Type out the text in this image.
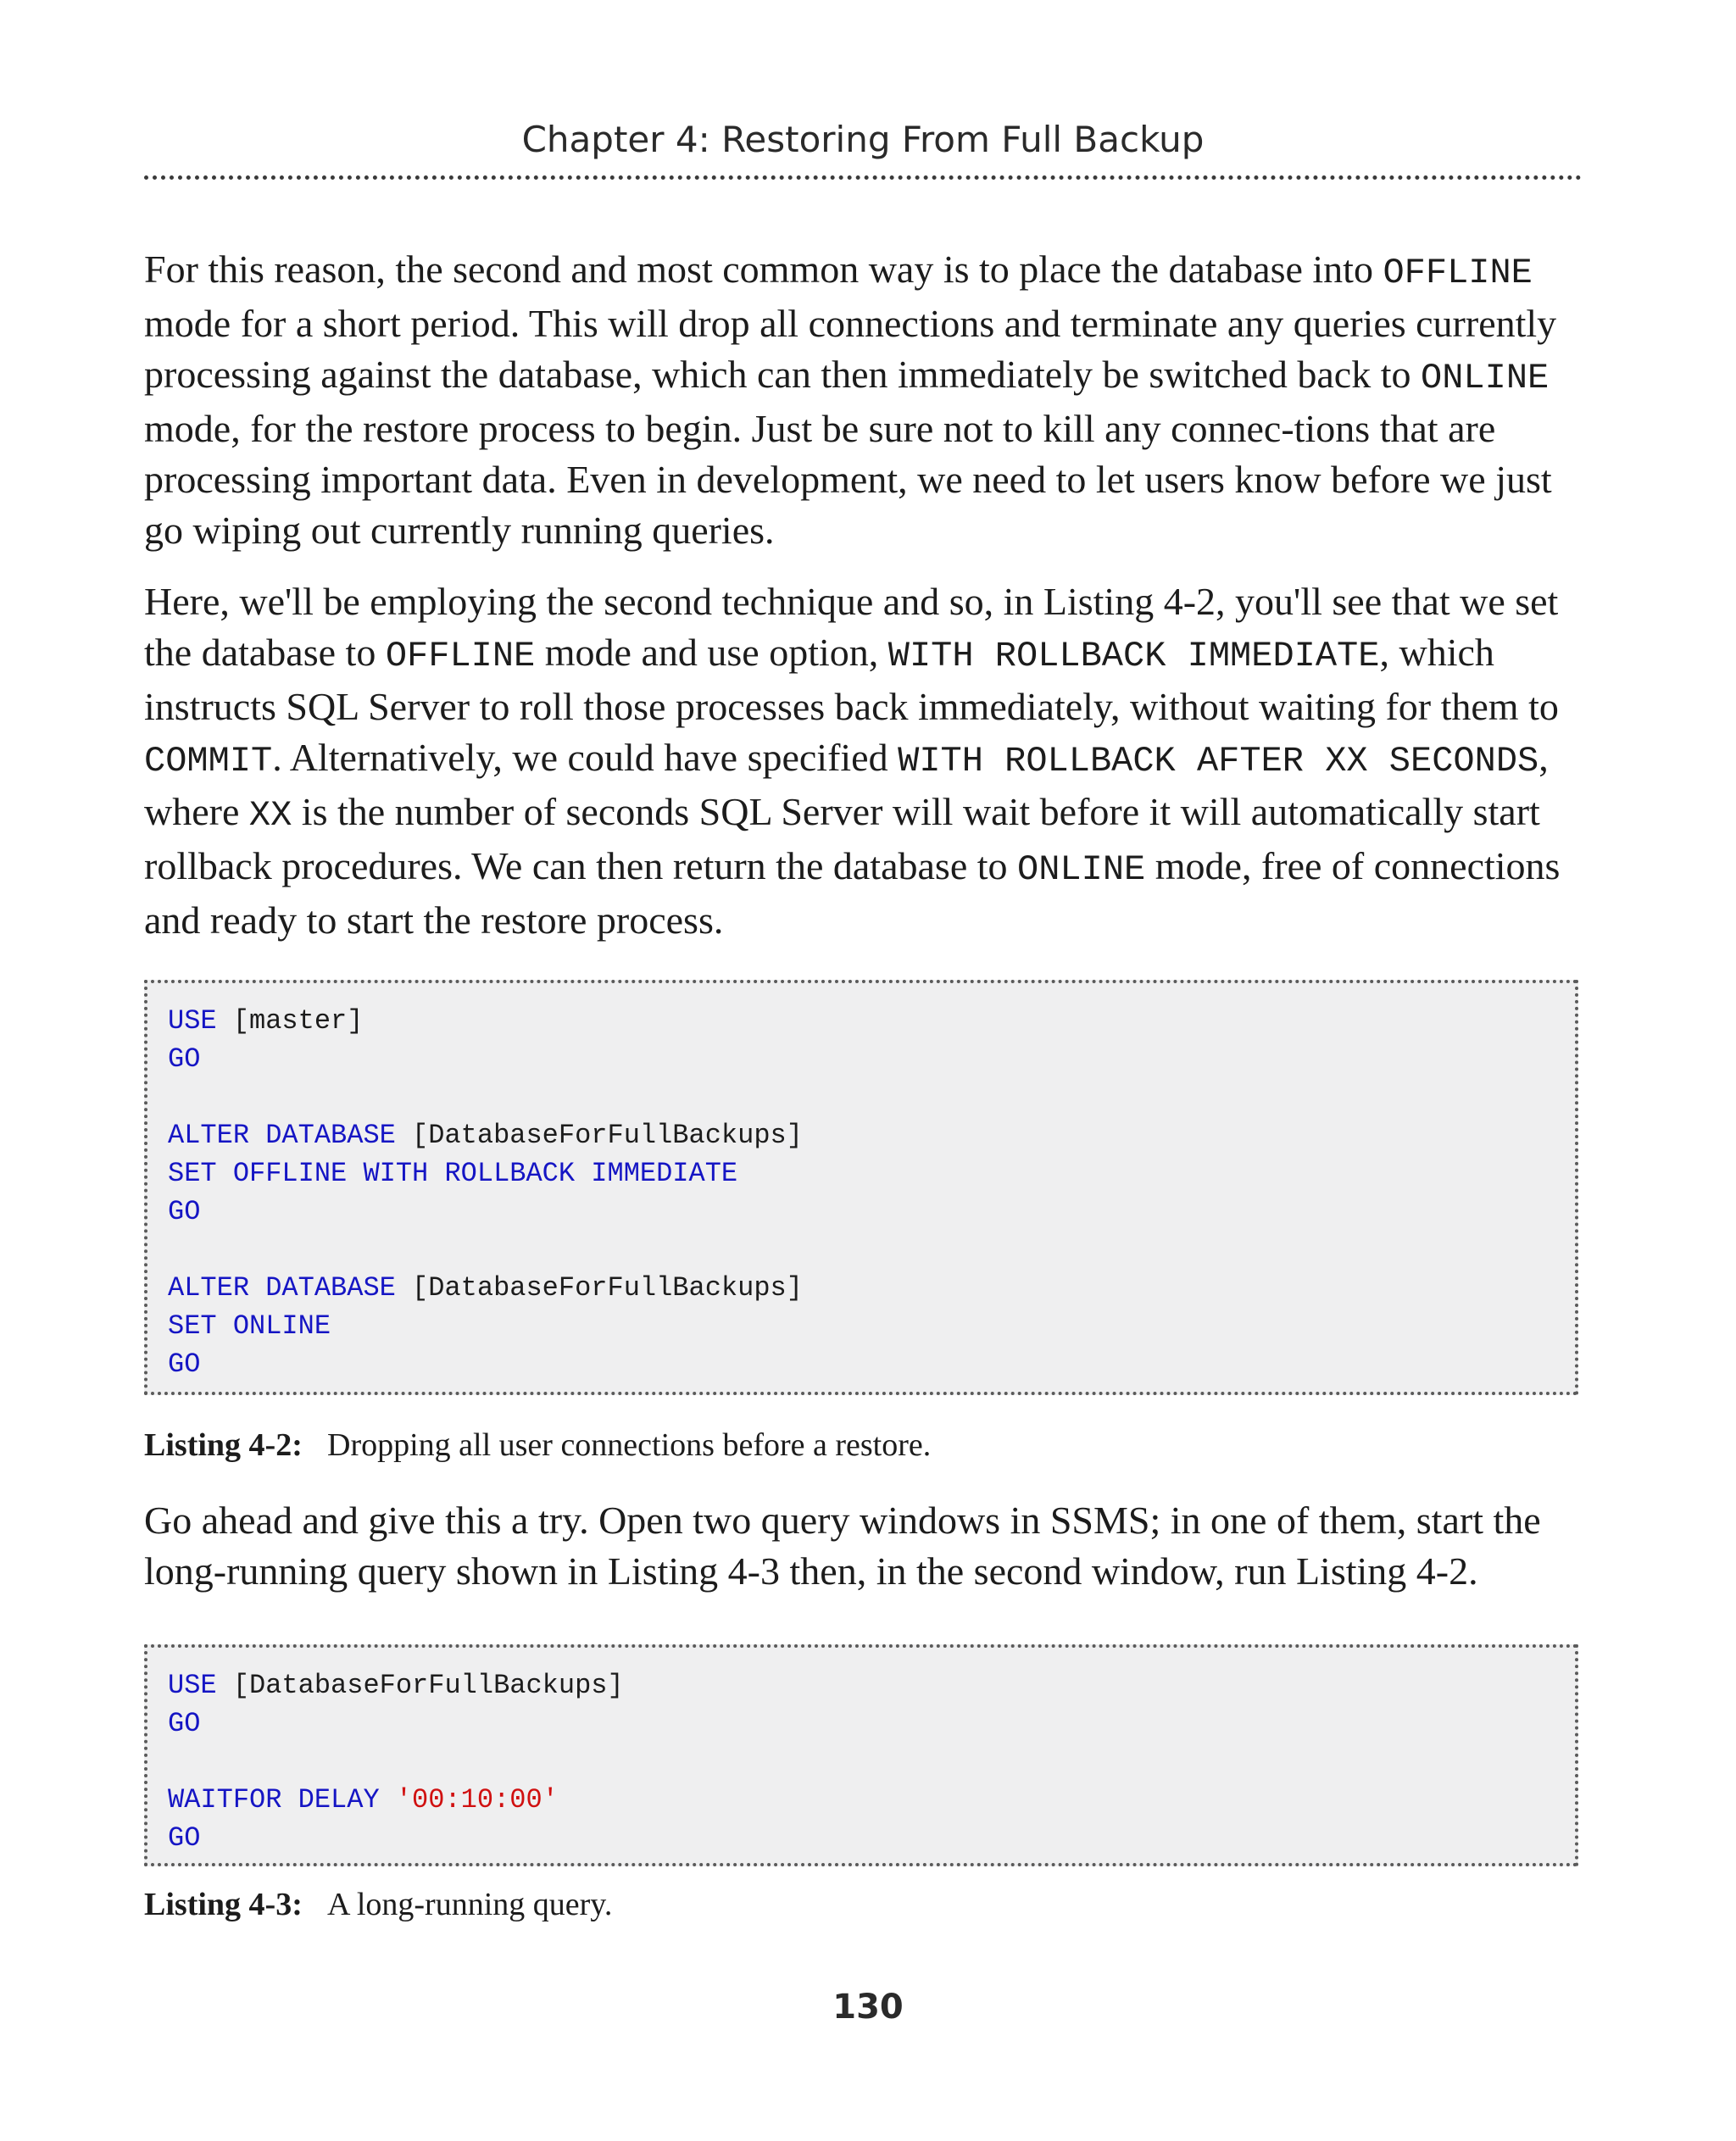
Chapter 4: Restoring From Full Backup

For this reason, the second and most common way is to place the database into OFFLINE mode for a short period. This will drop all connections and terminate any queries currently processing against the database, which can then immediately be switched back to ONLINE mode, for the restore process to begin. Just be sure not to kill any connec-tions that are processing important data. Even in development, we need to let users know before we just go wiping out currently running queries.

Here, we'll be employing the second technique and so, in Listing 4-2, you'll see that we set the database to OFFLINE mode and use option, WITH ROLLBACK IMMEDIATE, which instructs SQL Server to roll those processes back immediately, without waiting for them to COMMIT. Alternatively, we could have specified WITH ROLLBACK AFTER XX SECONDS, where XX is the number of seconds SQL Server will wait before it will automatically start rollback procedures. We can then return the database to ONLINE mode, free of connections and ready to start the restore process.

USE [master]
GO
ALTER DATABASE [DatabaseForFullBackups]
SET OFFLINE WITH ROLLBACK IMMEDIATE
GO
ALTER DATABASE [DatabaseForFullBackups]
SET ONLINE
GO
Listing 4-2: Dropping all user connections before a restore.

Go ahead and give this a try. Open two query windows in SSMS; in one of them, start the long-running query shown in Listing 4-3 then, in the second window, run Listing 4-2.

USE [DatabaseForFullBackups]
GO
WAITFOR DELAY '00:10:00'
GO
Listing 4-3: A long-running query.
130
